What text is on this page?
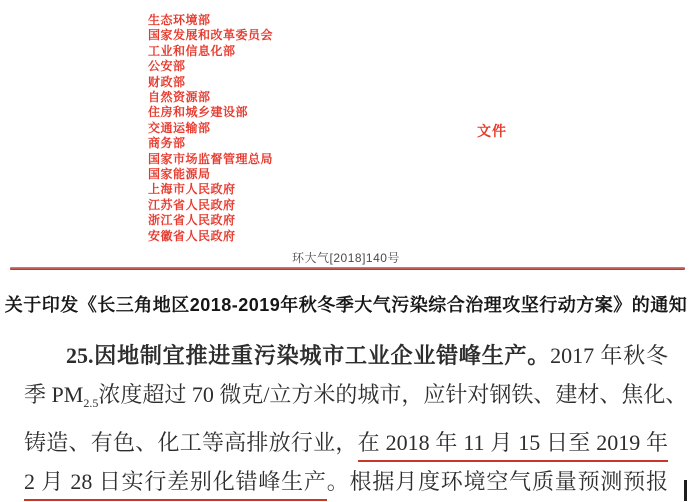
生态环境部
国家发展和改革委员会
工业和信息化部
公安部
财政部
自然资源部
住房和城乡建设部
交通运输部
商务部
国家市场监督管理总局
国家能源局
上海市人民政府
江苏省人民政府
浙江省人民政府
安徽省人民政府
文件
环大气[2018]140号
关于印发《长三角地区2018-2019年秋冬季大气污染综合治理攻坚行动方案》的通知

25.因地制宜推进重污染城市工业企业错峰生产。2017 年秋冬

季 $PM_{2.5}$浓度超过 70 微克/立方米的城市，应针对钢铁、建材、焦化、

铸造、有色、化工等高排放行业，在 2018 年 11 月 15 日至 2019 年

2 月 28 日实行差别化错峰生产。根据月度环境空气质量预测预报
